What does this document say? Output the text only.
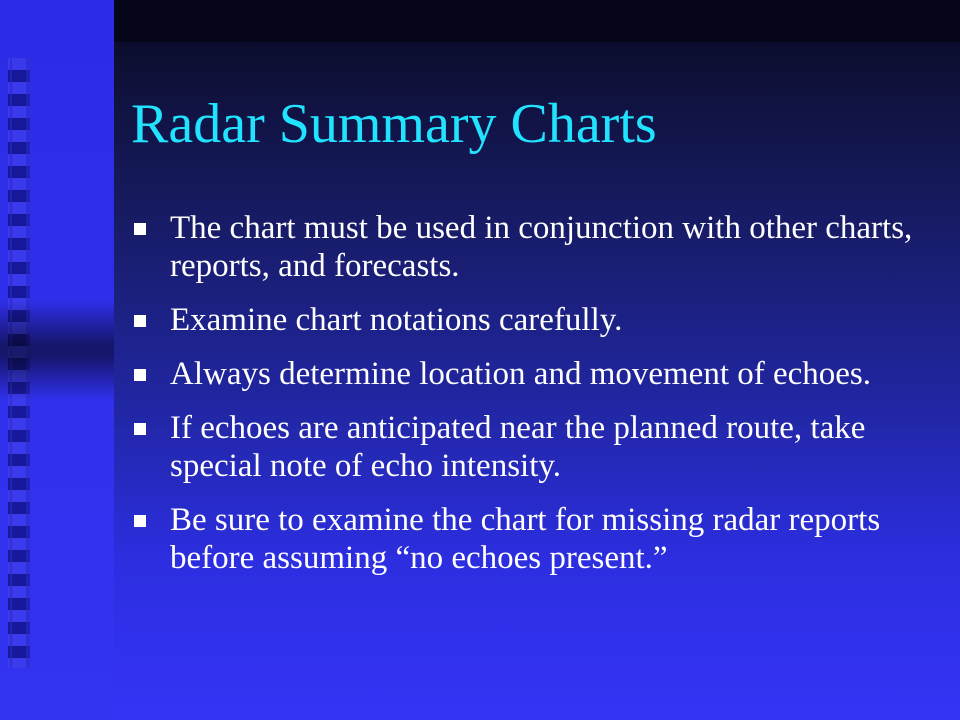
Radar Summary Charts
The chart must be used in conjunction with other charts, reports, and forecasts.
Examine chart notations carefully.
Always determine location and movement of echoes.
If echoes are anticipated near the planned route, take special note of echo intensity.
Be sure to examine the chart for missing radar reports before assuming “no echoes present.”
